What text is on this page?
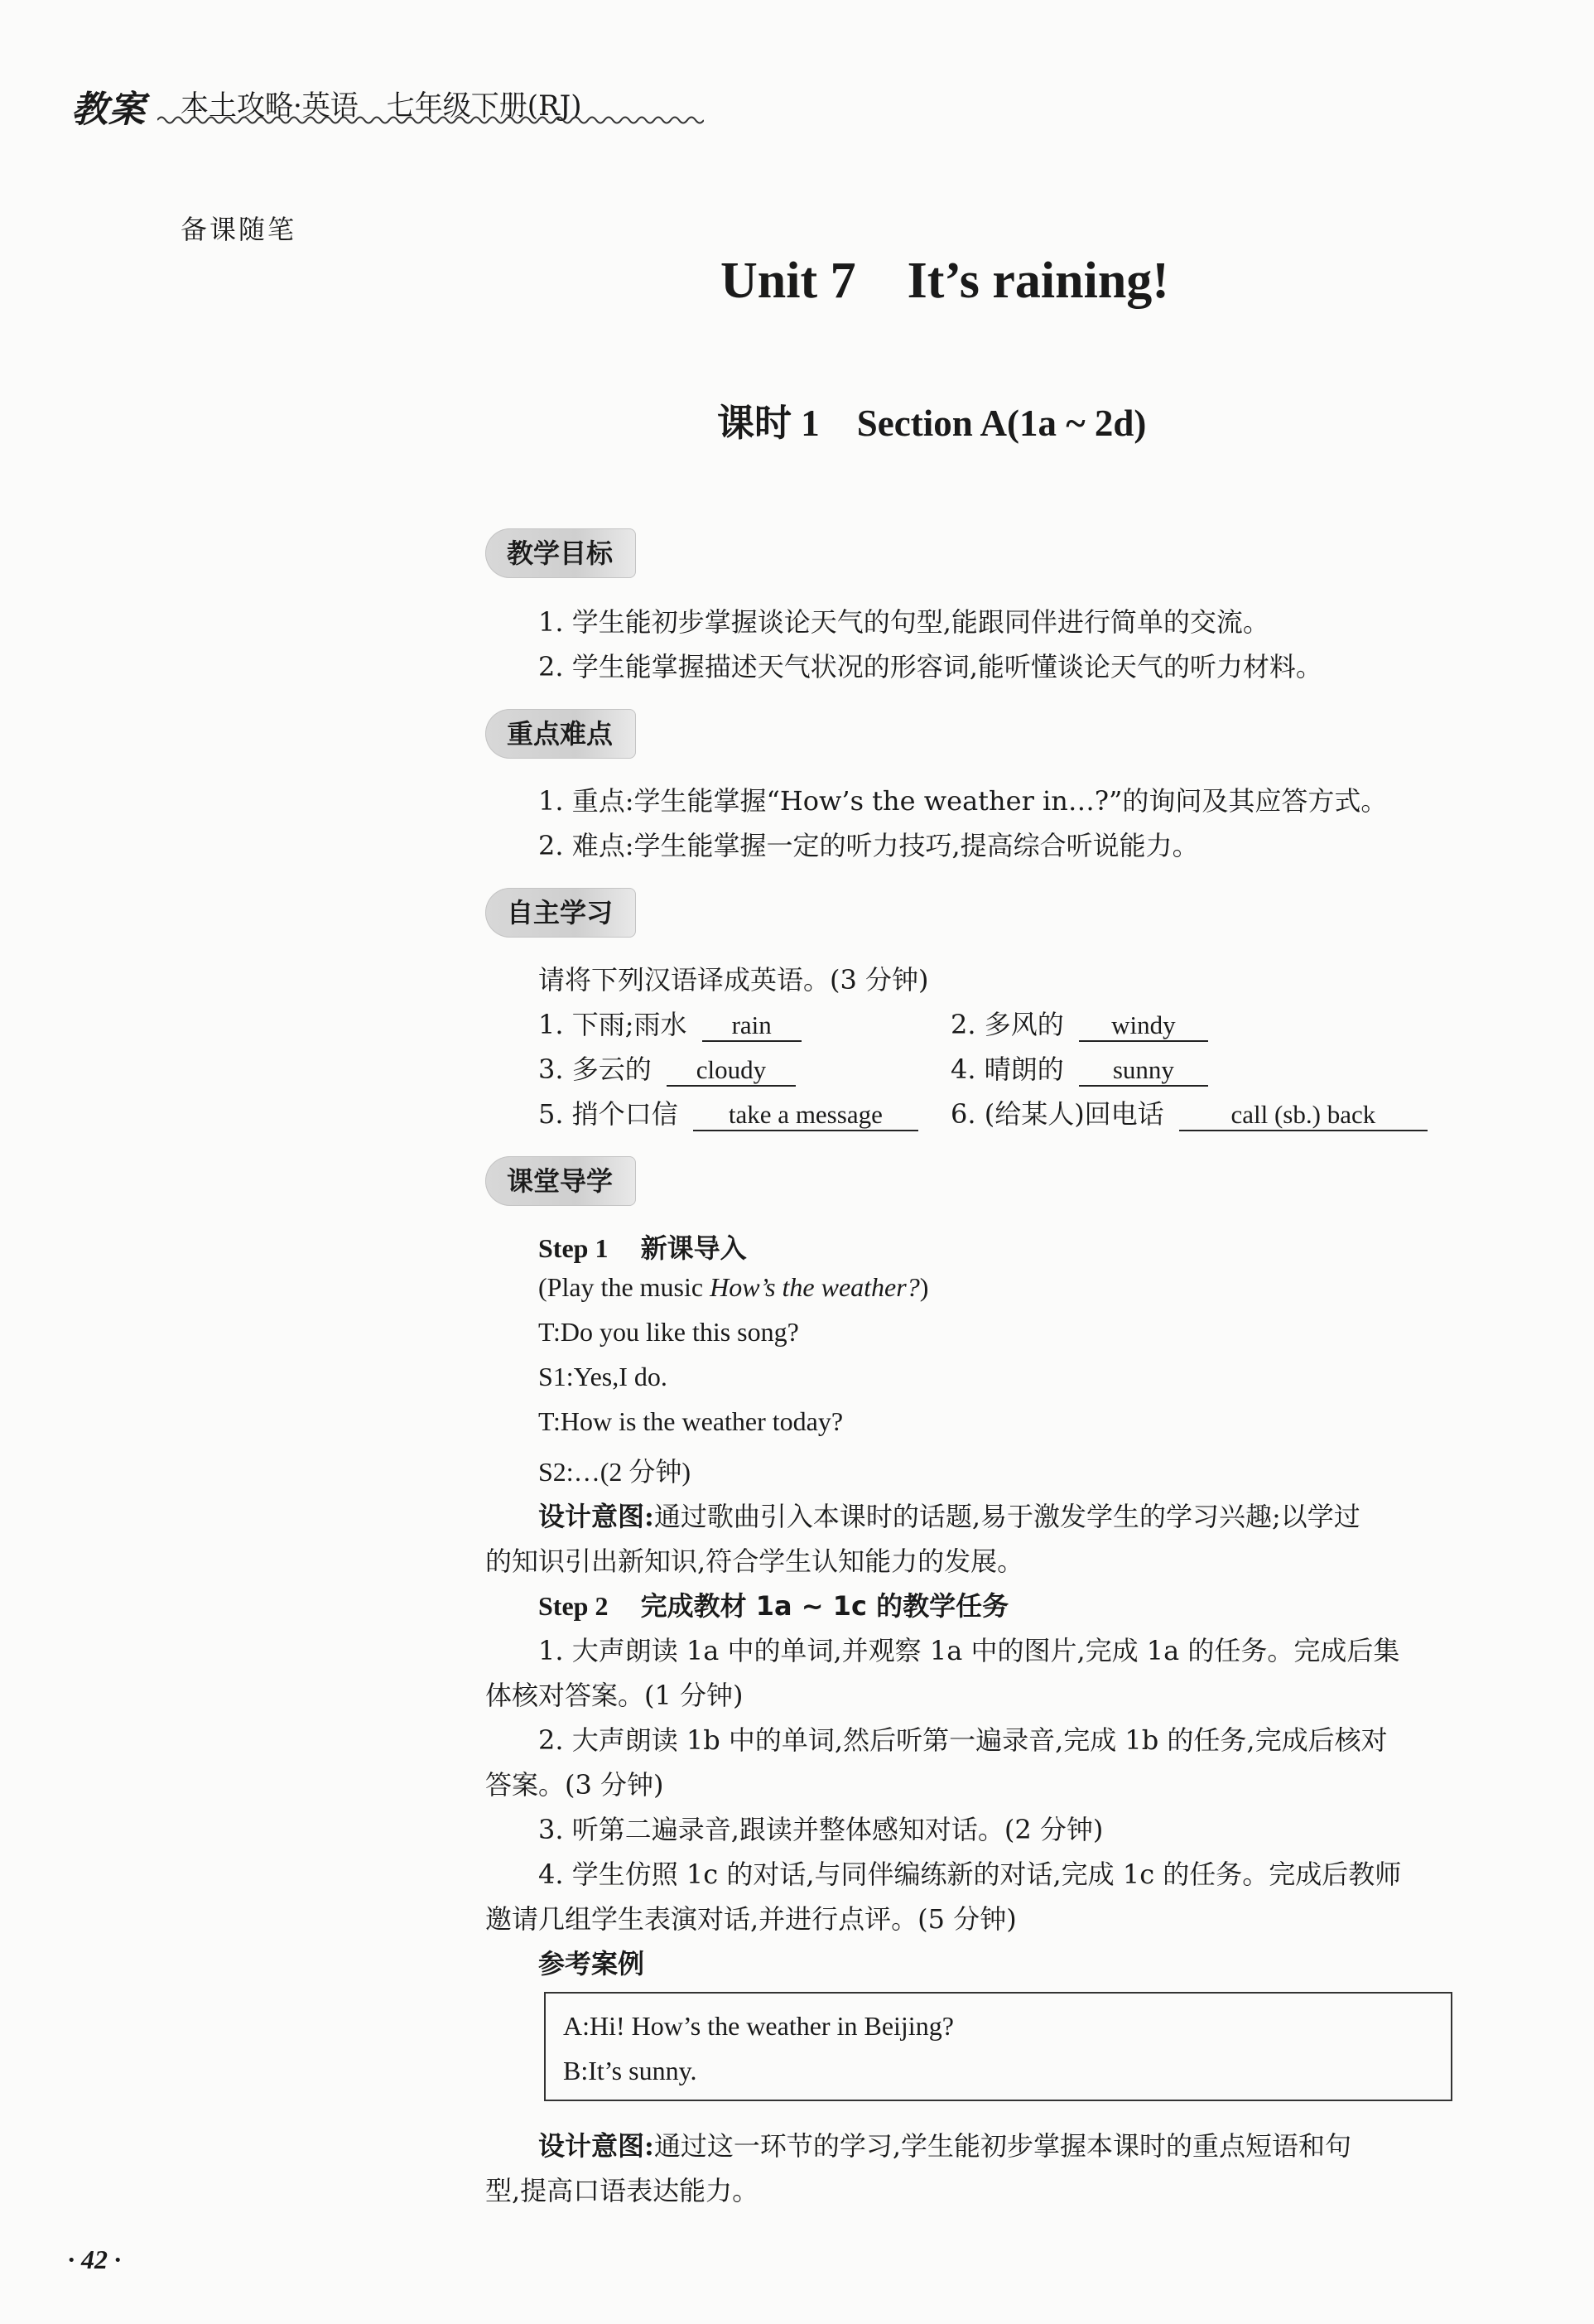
教案 本土攻略·英语　七年级下册(RJ)
备课随笔
Unit 7    It’s raining!
课时 1    Section A(1a ~ 2d)
教学目标
1. 学生能初步掌握谈论天气的句型,能跟同伴进行简单的交流。
2. 学生能掌握描述天气状况的形容词,能听懂谈论天气的听力材料。
重点难点
1. 重点:学生能掌握“How’s the weather in…?”的询问及其应答方式。
2. 难点:学生能掌握一定的听力技巧,提高综合听说能力。
自主学习
请将下列汉语译成英语。(3 分钟)
1. 下雨;雨水 rain	2. 多风的 windy
3. 多云的 cloudy	4. 晴朗的 sunny
5. 捎个口信 take a message	6. (给某人)回电话	call (sb.) back
课堂导学
Step 1 新课导入
(Play the music How’s the weather?)
T:Do you like this song?
S1:Yes,I do.
T:How is the weather today?
S2:…(2 分钟)
设计意图:通过歌曲引入本课时的话题,易于激发学生的学习兴趣;以学过
的知识引出新知识,符合学生认知能力的发展。
Step 2 完成教材 1a ~ 1c 的教学任务
1. 大声朗读 1a 中的单词,并观察 1a 中的图片,完成 1a 的任务。完成后集
体核对答案。(1 分钟)
2. 大声朗读 1b 中的单词,然后听第一遍录音,完成 1b 的任务,完成后核对
答案。(3 分钟)
3. 听第二遍录音,跟读并整体感知对话。(2 分钟)
4. 学生仿照 1c 的对话,与同伴编练新的对话,完成 1c 的任务。完成后教师
邀请几组学生表演对话,并进行点评。(5 分钟)
参考案例
A:Hi! How’s the weather in Beijing?
B:It’s sunny.
设计意图:通过这一环节的学习,学生能初步掌握本课时的重点短语和句
型,提高口语表达能力。
· 42 ·
